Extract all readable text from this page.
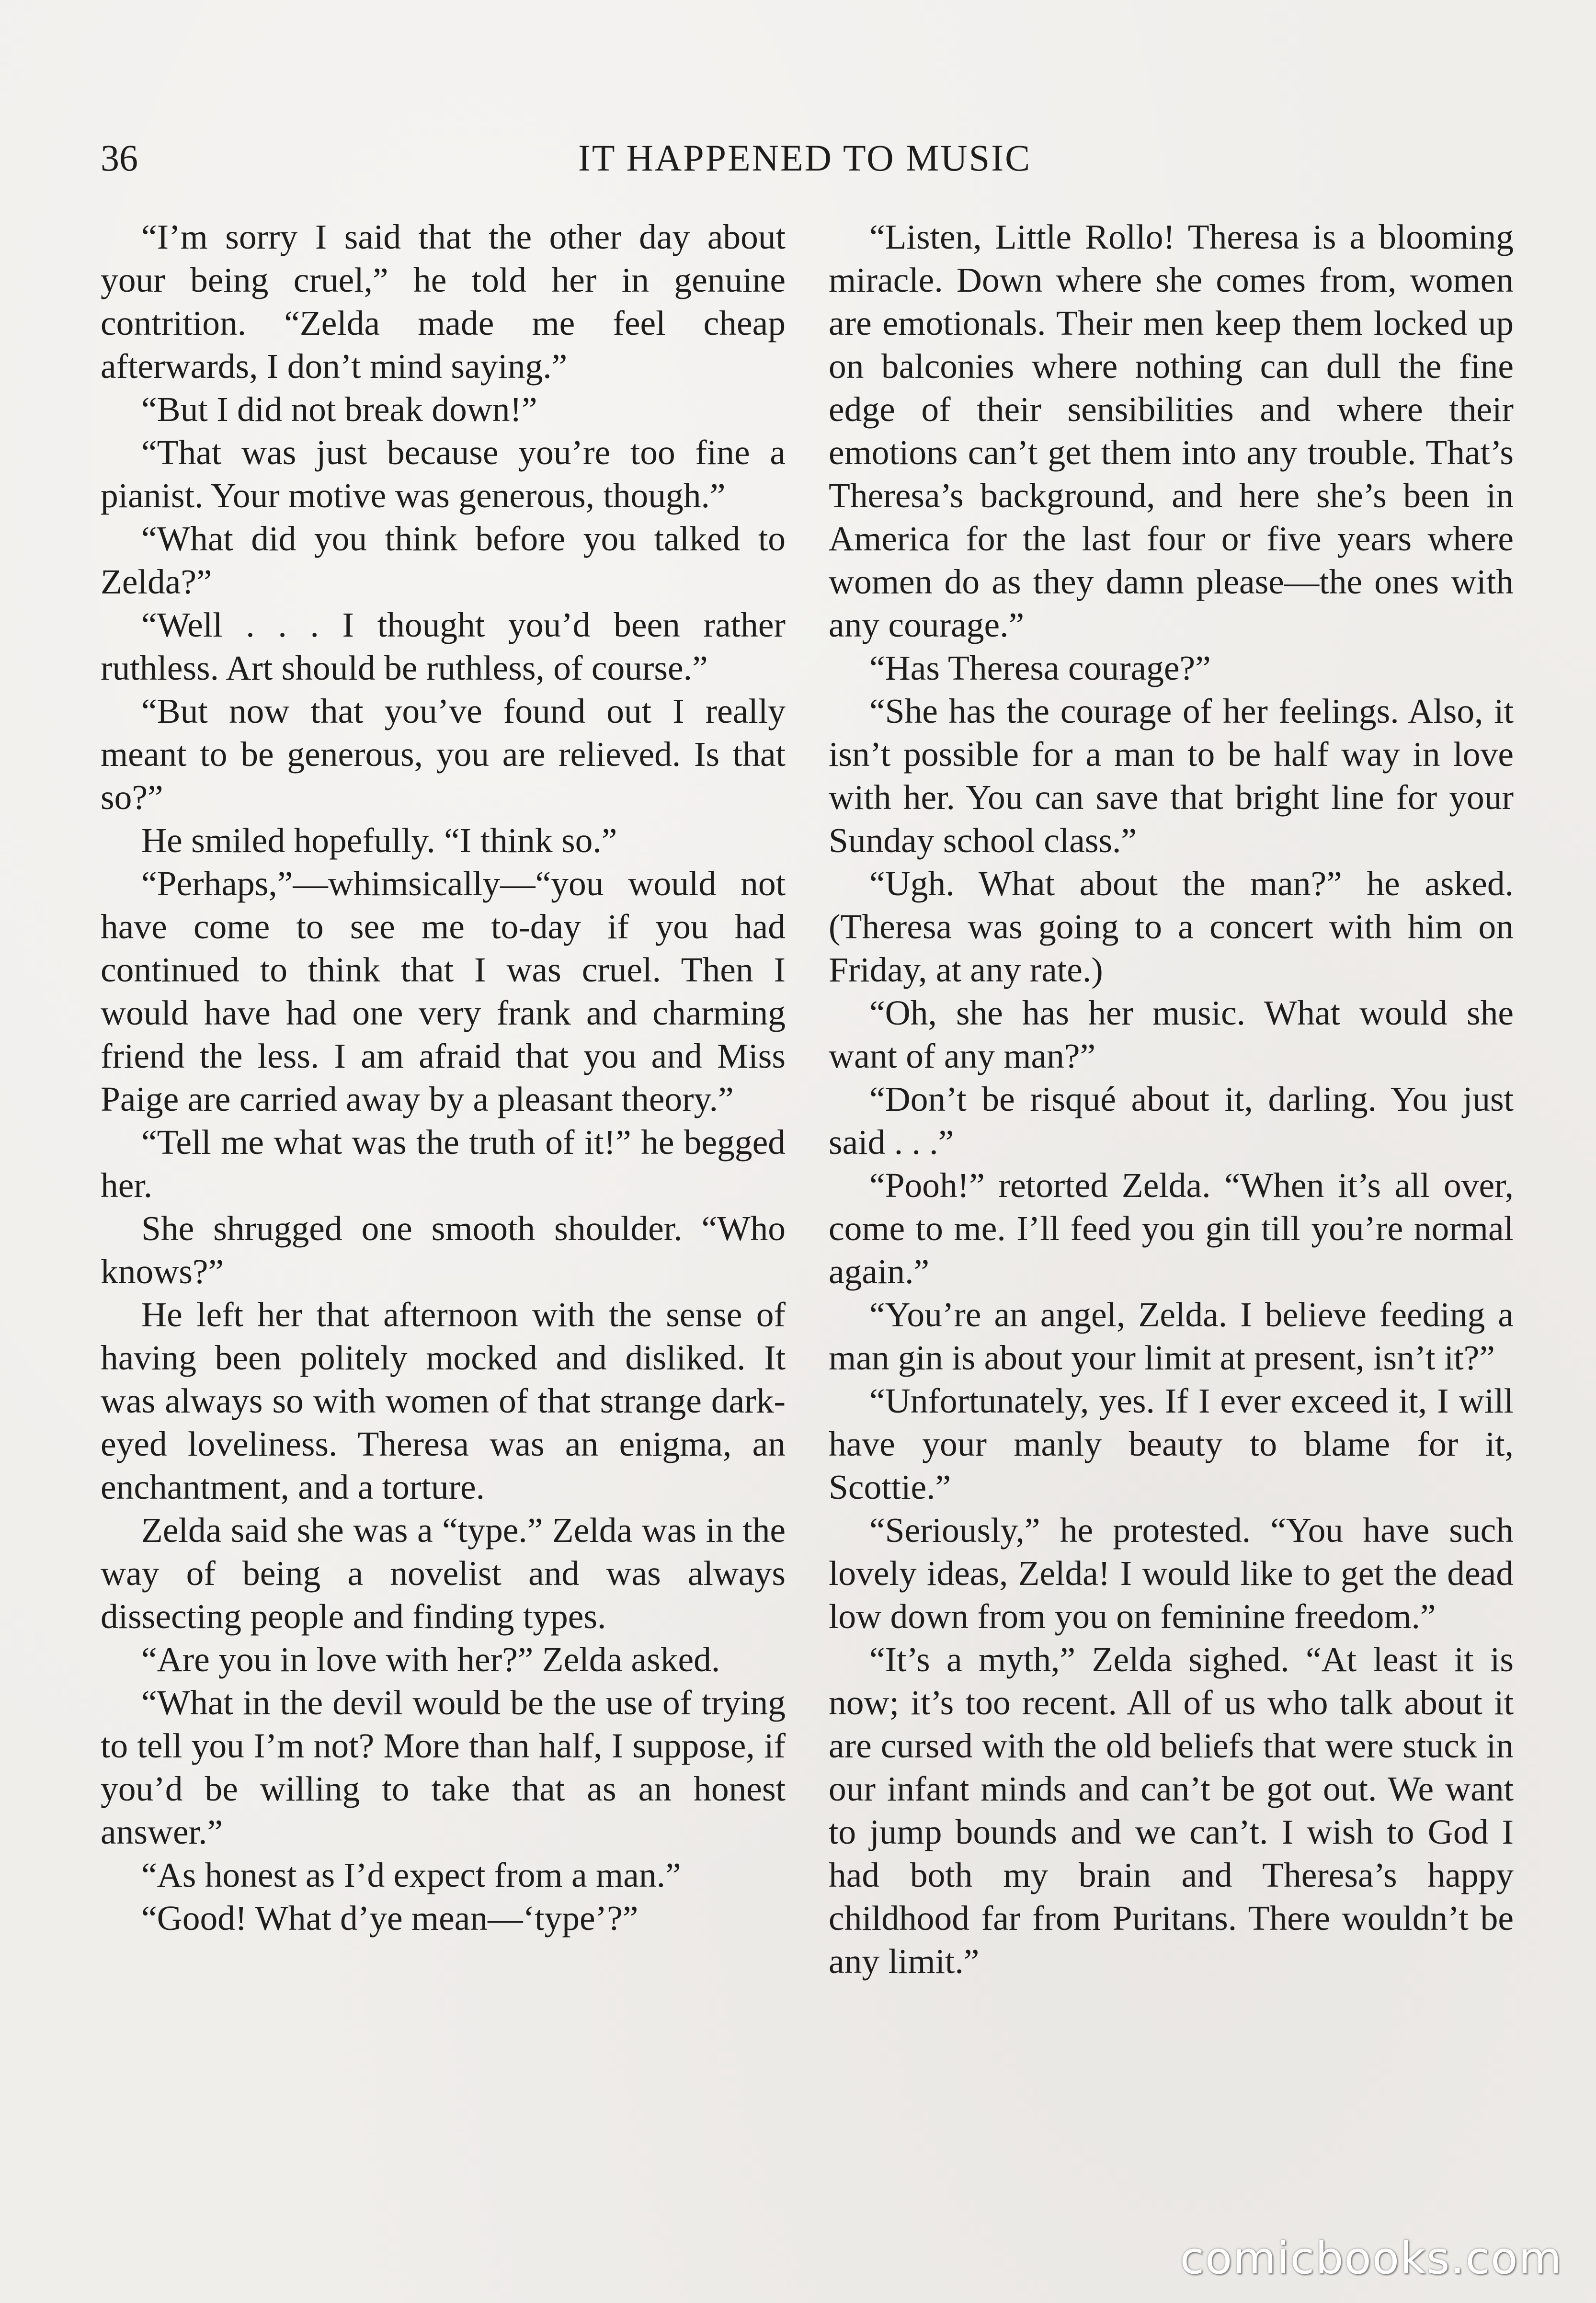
36	IT HAPPENED TO MUSIC

“I’m sorry I said that the other day about your being cruel,” he told her in genuine contrition. “Zelda made me feel cheap afterwards, I don’t mind saying.”

“But I did not break down!”

“That was just because you’re too fine a pianist. Your motive was generous, though.”

“What did you think before you talked to Zelda?”

“Well . . . I thought you’d been rather ruthless. Art should be ruthless, of course.”

“But now that you’ve found out I really meant to be generous, you are relieved. Is that so?”

He smiled hopefully. “I think so.”

“Perhaps,”—whimsically—“you would not have come to see me to-day if you had continued to think that I was cruel. Then I would have had one very frank and charming friend the less. I am afraid that you and Miss Paige are carried away by a pleasant theory.”

“Tell me what was the truth of it!” he begged her.

She shrugged one smooth shoulder. “Who knows?”

He left her that afternoon with the sense of having been politely mocked and disliked. It was always so with women of that strange dark-eyed loveliness. Theresa was an enigma, an enchantment, and a torture.

Zelda said she was a “type.” Zelda was in the way of being a novelist and was always dissecting people and finding types.

“Are you in love with her?” Zelda asked.

“What in the devil would be the use of trying to tell you I’m not? More than half, I suppose, if you’d be willing to take that as an honest answer.”

“As honest as I’d expect from a man.”

“Good! What d’ye mean—‘type’?”

“Listen, Little Rollo! Theresa is a blooming miracle. Down where she comes from, women are emotionals. Their men keep them locked up on balconies where nothing can dull the fine edge of their sensibilities and where their emotions can’t get them into any trouble. That’s Theresa’s background, and here she’s been in America for the last four or five years where women do as they damn please—the ones with any courage.”

“Has Theresa courage?”

“She has the courage of her feelings. Also, it isn’t possible for a man to be half way in love with her. You can save that bright line for your Sunday school class.”

“Ugh. What about the man?” he asked. (Theresa was going to a concert with him on Friday, at any rate.)

“Oh, she has her music. What would she want of any man?”

“Don’t be risqué about it, darling. You just said . . .”

“Pooh!” retorted Zelda. “When it’s all over, come to me. I’ll feed you gin till you’re normal again.”

“You’re an angel, Zelda. I believe feeding a man gin is about your limit at present, isn’t it?”

“Unfortunately, yes. If I ever exceed it, I will have your manly beauty to blame for it, Scottie.”

“Seriously,” he protested. “You have such lovely ideas, Zelda! I would like to get the dead low down from you on feminine freedom.”

“It’s a myth,” Zelda sighed. “At least it is now; it’s too recent. All of us who talk about it are cursed with the old beliefs that were stuck in our infant minds and can’t be got out. We want to jump bounds and we can’t. I wish to God I had both my brain and Theresa’s happy childhood far from Puritans. There wouldn’t be any limit.”

comicbooks.com
